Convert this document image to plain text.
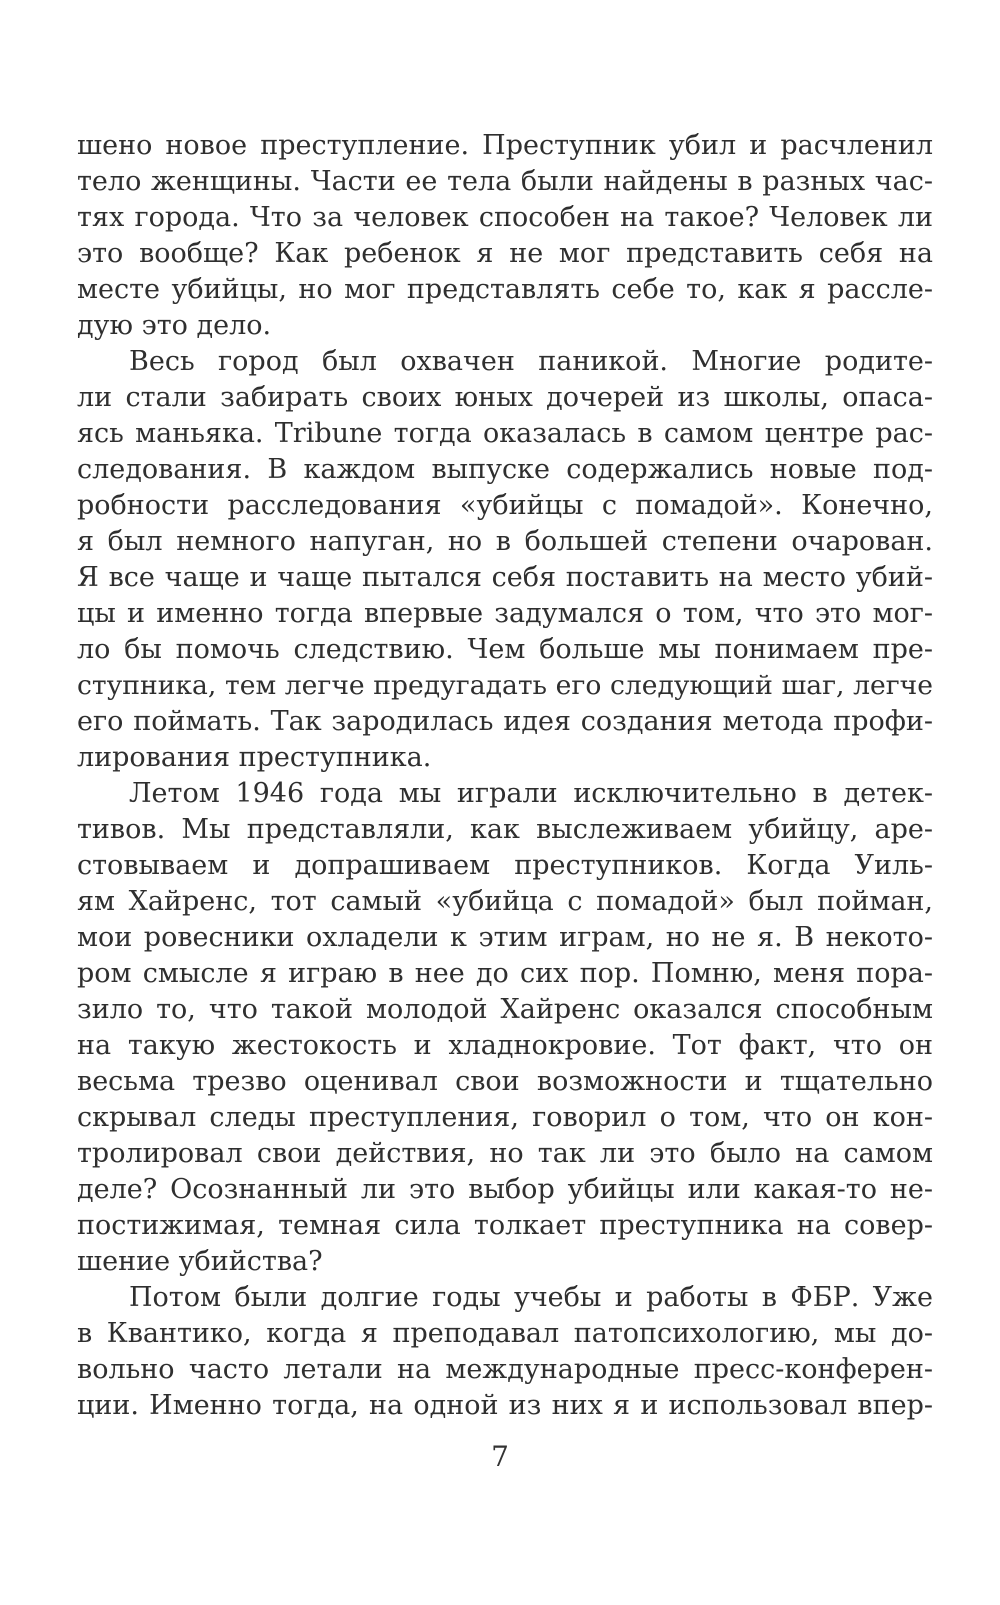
шено новое преступление. Преступник убил и расчленил
тело женщины. Части ее тела были найдены в разных час-
тях города. Что за человек способен на такое? Человек ли
это вообще? Как ребенок я не мог представить себя на
месте убийцы, но мог представлять себе то, как я рассле-
дую это дело.
Весь город был охвачен паникой. Многие родите-
ли стали забирать своих юных дочерей из школы, опаса-
ясь маньяка. Tribune тогда оказалась в самом центре рас-
следования. В каждом выпуске содержались новые под-
робности расследования «убийцы с помадой». Конечно,
я был немного напуган, но в большей степени очарован.
Я все чаще и чаще пытался себя поставить на место убий-
цы и именно тогда впервые задумался о том, что это мог-
ло бы помочь следствию. Чем больше мы понимаем пре-
ступника, тем легче предугадать его следующий шаг, легче
его поймать. Так зародилась идея создания метода профи-
лирования преступника.
Летом 1946 года мы играли исключительно в детек-
тивов. Мы представляли, как выслеживаем убийцу, аре-
стовываем и допрашиваем преступников. Когда Уиль-
ям Хайренс, тот самый «убийца с помадой» был пойман,
мои ровесники охладели к этим играм, но не я. В некото-
ром смысле я играю в нее до сих пор. Помню, меня пора-
зило то, что такой молодой Хайренс оказался способным
на такую жестокость и хладнокровие. Тот факт, что он
весьма трезво оценивал свои возможности и тщательно
скрывал следы преступления, говорил о том, что он кон-
тролировал свои действия, но так ли это было на самом
деле? Осознанный ли это выбор убийцы или какая-то не-
постижимая, темная сила толкает преступника на совер-
шение убийства?
Потом были долгие годы учебы и работы в ФБР. Уже
в Квантико, когда я преподавал патопсихологию, мы до-
вольно часто летали на международные пресс-конферен-
ции. Именно тогда, на одной из них я и использовал впер-
7
